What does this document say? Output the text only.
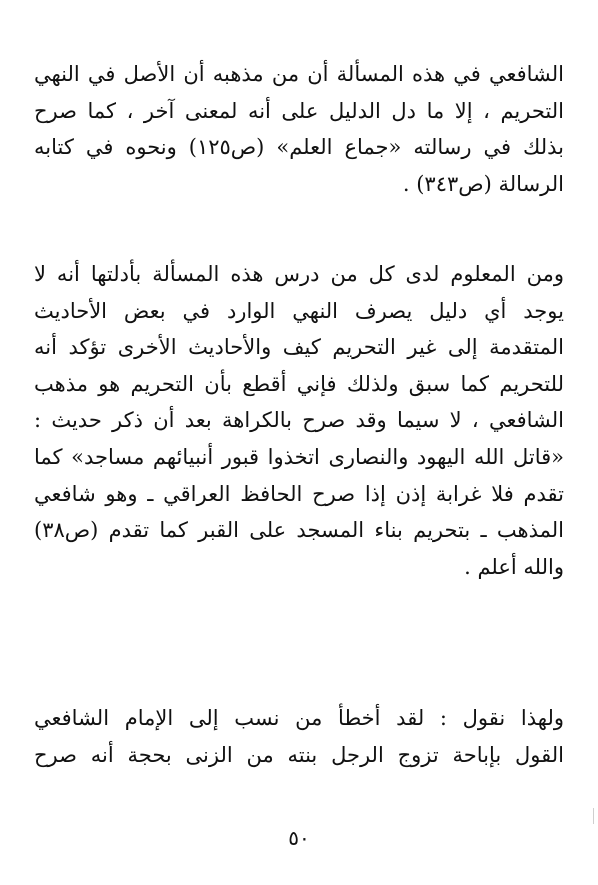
الشافعي في هذه المسألة أن من مذهبه أن الأصل في النهي
التحريم ، إلا ما دل الدليل على أنه لمعنى آخر ، كما صرح
بذلك في رسالته «جماع العلم» (ص١٢٥) ونحوه في كتابه
الرسالة (ص٣٤٣) .
ومن المعلوم لدى كل من درس هذه المسألة بأدلتها أنه لا
يوجد أي دليل يصرف النهي الوارد في بعض الأحاديث
المتقدمة إلى غير التحريم كيف والأحاديث الأخرى تؤكد أنه
للتحريم كما سبق ولذلك فإني أقطع بأن التحريم هو مذهب
الشافعي ، لا سيما وقد صرح بالكراهة بعد أن ذكر حديث :
«قاتل الله اليهود والنصارى اتخذوا قبور أنبيائهم مساجد» كما
تقدم فلا غرابة إذن إذا صرح الحافظ العراقي ـ وهو شافعي
المذهب ـ بتحريم بناء المسجد على القبر كما تقدم (ص٣٨)
والله أعلم .
ولهذا نقول : لقد أخطأ من نسب إلى الإمام الشافعي
القول بإباحة تزوج الرجل بنته من الزنى بحجة أنه صرح
٥٠
